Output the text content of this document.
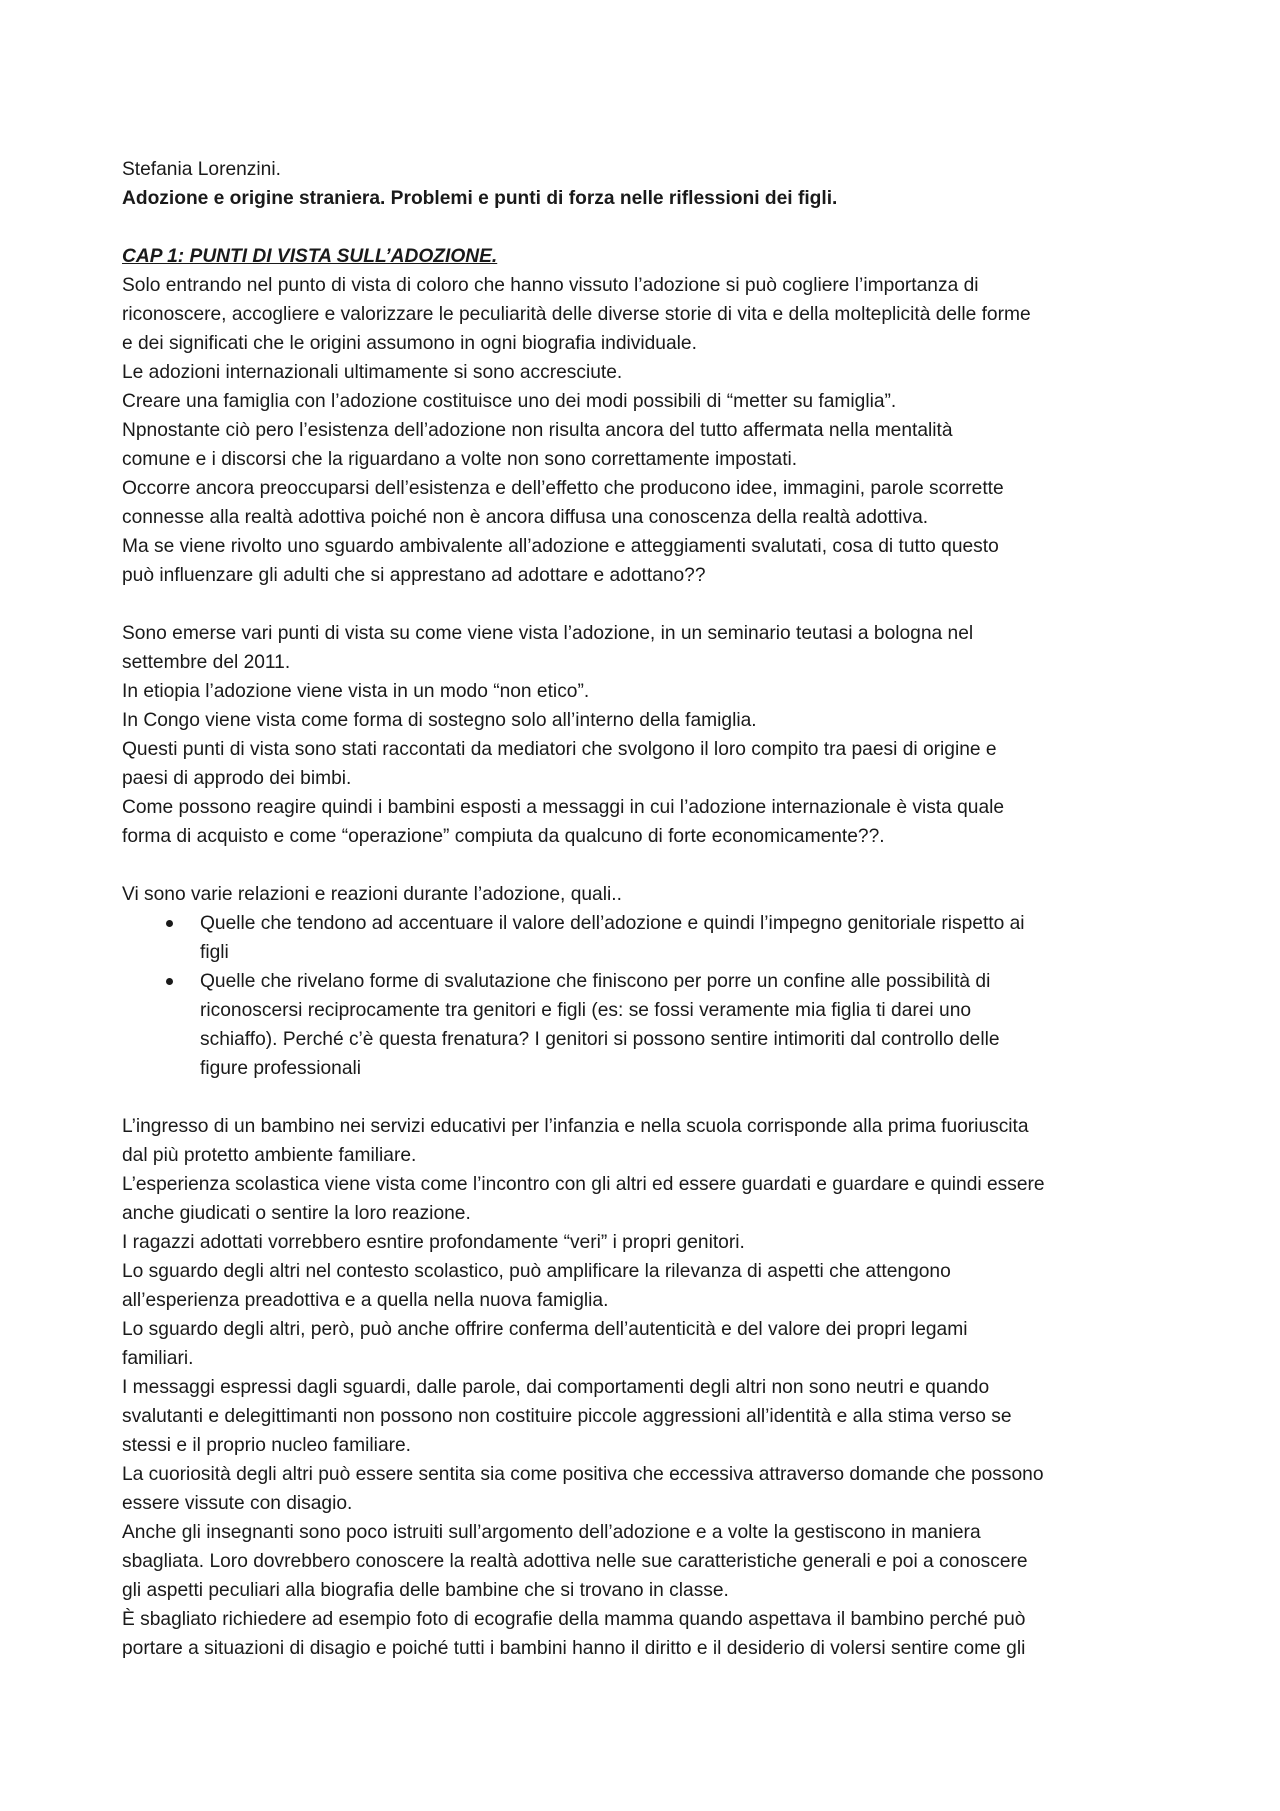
Stefania Lorenzini.
Adozione e origine straniera. Problemi e punti di forza nelle riflessioni dei figli.
CAP 1: PUNTI DI VISTA SULL’ADOZIONE.
Solo entrando nel punto di vista di coloro che hanno vissuto l’adozione si può cogliere l’importanza di
riconoscere, accogliere e valorizzare le peculiarità delle diverse storie di vita e della molteplicità delle forme
e dei significati che le origini assumono in ogni biografia individuale.
Le adozioni internazionali ultimamente si sono accresciute.
Creare una famiglia con l’adozione costituisce uno dei modi possibili di “metter su famiglia”.
Npnostante ciò pero l’esistenza dell’adozione non risulta ancora del tutto affermata nella mentalità
comune e i discorsi che la riguardano a volte non sono correttamente impostati.
Occorre ancora preoccuparsi dell’esistenza e dell’effetto che producono idee, immagini, parole scorrette
connesse alla realtà adottiva poiché non è ancora diffusa una conoscenza della realtà adottiva.
Ma se viene rivolto uno sguardo ambivalente all’adozione e atteggiamenti svalutati, cosa di tutto questo
può influenzare gli adulti che si apprestano ad adottare e adottano??
Sono emerse vari punti di vista su come viene vista l’adozione, in un seminario teutasi a bologna nel
settembre del 2011.
In etiopia l’adozione viene vista in un modo “non etico”.
In Congo viene vista come forma di sostegno solo all’interno della famiglia.
Questi punti di vista sono stati raccontati da mediatori che svolgono il loro compito tra paesi di origine e
paesi di approdo dei bimbi.
Come possono reagire quindi i bambini esposti a messaggi in cui l’adozione internazionale è vista quale
forma di acquisto e come “operazione” compiuta da qualcuno di forte economicamente??.
Vi sono varie relazioni e reazioni durante l’adozione, quali..
Quelle che tendono ad accentuare il valore dell’adozione e quindi l’impegno genitoriale rispetto ai
figli
Quelle che rivelano forme di svalutazione che finiscono per porre un confine alle possibilità di
riconoscersi reciprocamente tra genitori e figli (es: se fossi veramente mia figlia ti darei uno
schiaffo). Perché c’è questa frenatura? I genitori si possono sentire intimoriti dal controllo delle
figure professionali
L’ingresso di un bambino nei servizi educativi per l’infanzia e nella scuola corrisponde alla prima fuoriuscita
dal più protetto ambiente familiare.
L’esperienza scolastica viene vista come l’incontro con gli altri ed essere guardati e guardare e quindi essere
anche giudicati o sentire la loro reazione.
I ragazzi adottati vorrebbero esntire profondamente “veri” i propri genitori.
Lo sguardo degli altri nel contesto scolastico, può amplificare la rilevanza di aspetti che attengono
all’esperienza preadottiva e a quella nella nuova famiglia.
Lo sguardo degli altri, però, può anche offrire conferma dell’autenticità e del valore dei propri legami
familiari.
I messaggi espressi dagli sguardi, dalle parole, dai comportamenti degli altri non sono neutri e quando
svalutanti e delegittimanti non possono non costituire piccole aggressioni all’identità e alla stima verso se
stessi e il proprio nucleo familiare.
La cuoriosità degli altri può essere sentita sia come positiva che eccessiva attraverso domande che possono
essere vissute con disagio.
Anche gli insegnanti sono poco istruiti sull’argomento dell’adozione e a volte la gestiscono in maniera
sbagliata. Loro dovrebbero conoscere la realtà adottiva nelle sue caratteristiche generali e poi a conoscere
gli aspetti peculiari alla biografia delle bambine che si trovano in classe.
È sbagliato richiedere ad esempio foto di ecografie della mamma quando aspettava il bambino perché può
portare a situazioni di disagio e poiché tutti i bambini hanno il diritto e il desiderio di volersi sentire come gli
